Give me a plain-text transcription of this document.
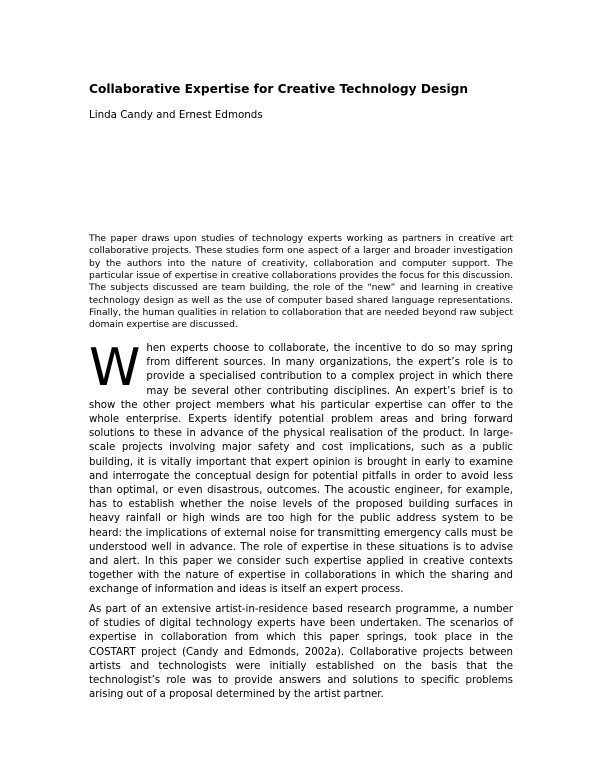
Collaborative Expertise for Creative Technology Design
Linda Candy and Ernest Edmonds

The paper draws upon studies of technology experts working as partners in creative art collaborative projects. These studies form one aspect of a larger and broader investigation by the authors into the nature of creativity, collaboration and computer support. The particular issue of expertise in creative collaborations provides the focus for this discussion. The subjects discussed are team building, the role of the “new” and learning in creative technology design as well as the use of computer based shared language representations. Finally, the human qualities in relation to collaboration that are needed beyond raw subject domain expertise are discussed.

When experts choose to collaborate, the incentive to do so may spring from different sources. In many organizations, the expert’s role is to provide a specialised contribution to a complex project in which there may be several other contributing disciplines. An expert’s brief is to show the other project members what his particular expertise can offer to the whole enterprise. Experts identify potential problem areas and bring forward solutions to these in advance of the physical realisation of the product. In large-scale projects involving major safety and cost implications, such as a public building, it is vitally important that expert opinion is brought in early to examine and interrogate the conceptual design for potential pitfalls in order to avoid less than optimal, or even disastrous, outcomes. The acoustic engineer, for example, has to establish whether the noise levels of the proposed building surfaces in heavy rainfall or high winds are too high for the public address system to be heard: the implications of external noise for transmitting emergency calls must be understood well in advance. The role of expertise in these situations is to advise and alert. In this paper we consider such expertise applied in creative contexts together with the nature of expertise in collaborations in which the sharing and exchange of information and ideas is itself an expert process.

As part of an extensive artist-in-residence based research programme, a number of studies of digital technology experts have been undertaken. The scenarios of expertise in collaboration from which this paper springs, took place in the COSTART project (Candy and Edmonds, 2002a). Collaborative projects between artists and technologists were initially established on the basis that the technologist’s role was to provide answers and solutions to specific problems arising out of a proposal determined by the artist partner.
